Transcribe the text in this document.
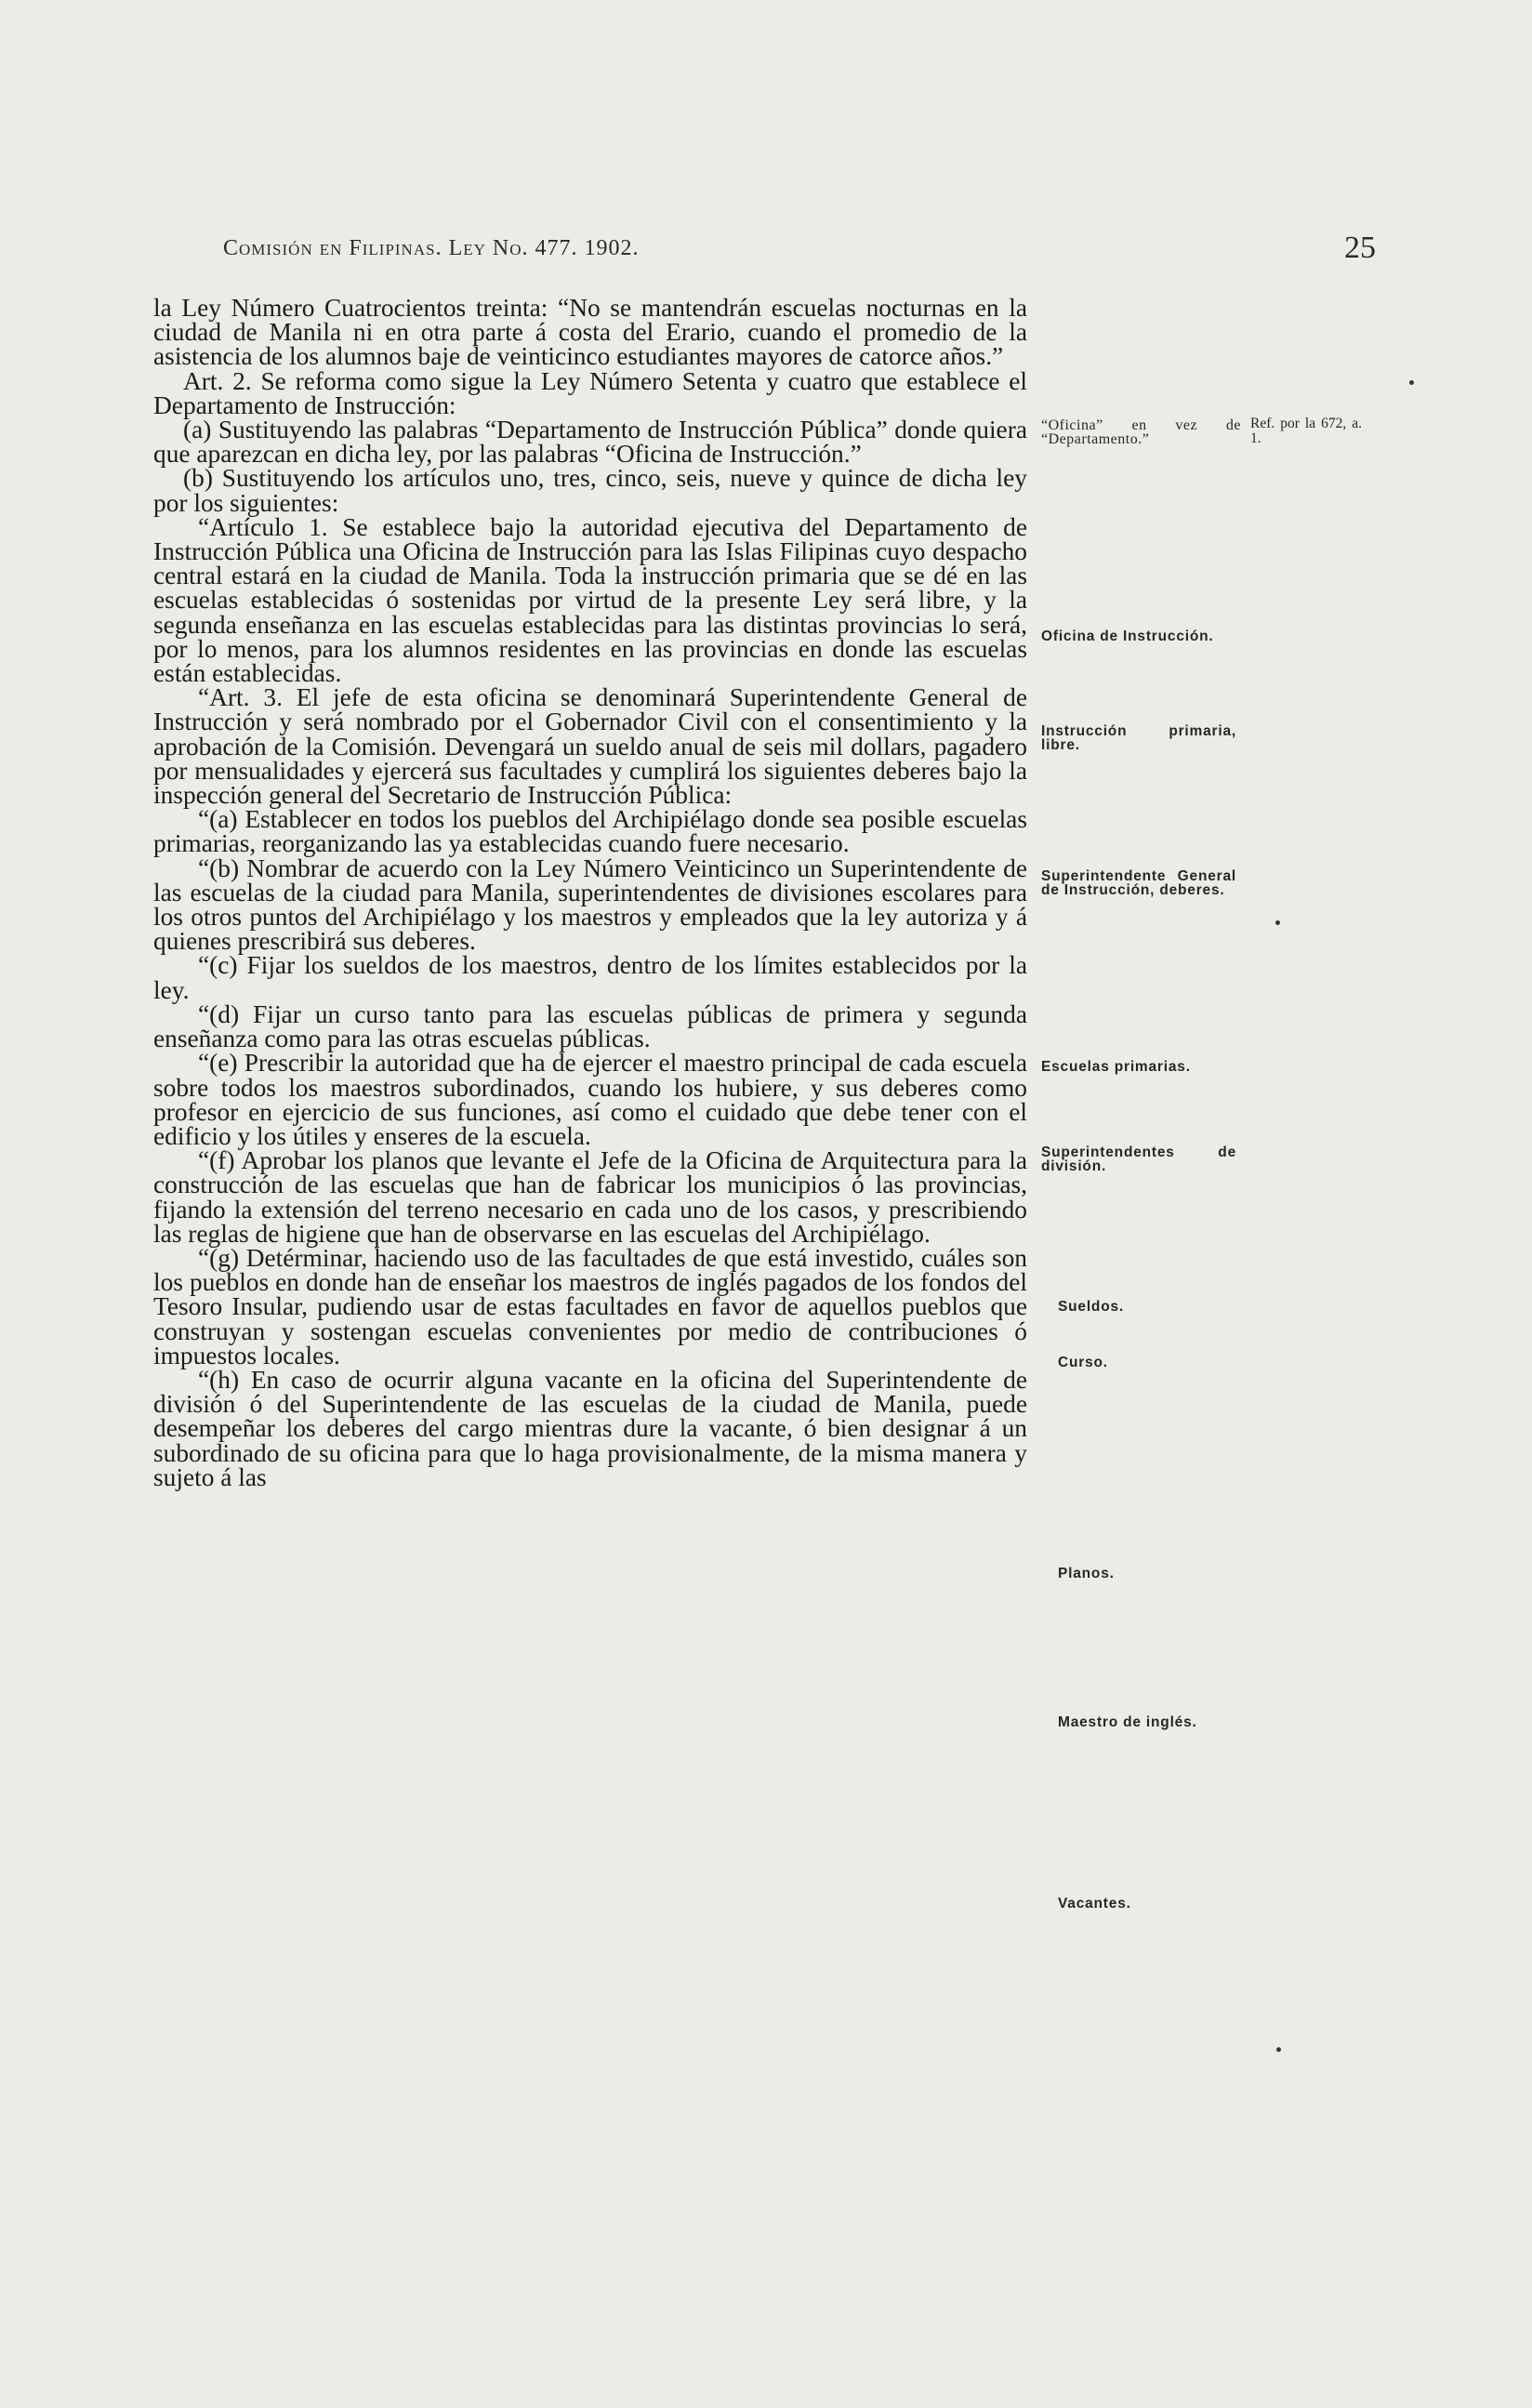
Comisión en Filipinas. Ley No. 477. 1902.	25

la Ley Número Cuatrocientos treinta: “No se mantendrán escuelas nocturnas en la ciudad de Manila ni en otra parte á costa del Erario, cuando el promedio de la asistencia de los alumnos baje de veinticinco estudiantes mayores de catorce años.”

Art. 2. Se reforma como sigue la Ley Número Setenta y cuatro que establece el Departamento de Instrucción:

(a) Sustituyendo las palabras “Departamento de Instrucción Pública” donde quiera que aparezcan en dicha ley, por las palabras “Oficina de Instrucción.”

(b) Sustituyendo los artículos uno, tres, cinco, seis, nueve y quince de dicha ley por los siguientes:

“Artículo 1. Se establece bajo la autoridad ejecutiva del Departamento de Instrucción Pública una Oficina de Instrucción para las Islas Filipinas cuyo despacho central estará en la ciudad de Manila. Toda la instrucción primaria que se dé en las escuelas establecidas ó sostenidas por virtud de la presente Ley será libre, y la segunda enseñanza en las escuelas establecidas para las distintas provincias lo será, por lo menos, para los alumnos residentes en las provincias en donde las escuelas están establecidas.

“Art. 3. El jefe de esta oficina se denominará Superintendente General de Instrucción y será nombrado por el Gobernador Civil con el consentimiento y la aprobación de la Comisión. Devengará un sueldo anual de seis mil dollars, pagadero por mensualidades y ejercerá sus facultades y cumplirá los siguientes deberes bajo la inspección general del Secretario de Instrucción Pública:

“(a) Establecer en todos los pueblos del Archipiélago donde sea posible escuelas primarias, reorganizando las ya establecidas cuando fuere necesario.

“(b) Nombrar de acuerdo con la Ley Número Veinticinco un Superintendente de las escuelas de la ciudad para Manila, superintendentes de divisiones escolares para los otros puntos del Archipiélago y los maestros y empleados que la ley autoriza y á quienes prescribirá sus deberes.

“(c) Fijar los sueldos de los maestros, dentro de los límites establecidos por la ley.

“(d) Fijar un curso tanto para las escuelas públicas de primera y segunda enseñanza como para las otras escuelas públicas.

“(e) Prescribir la autoridad que ha de ejercer el maestro principal de cada escuela sobre todos los maestros subordinados, cuando los hubiere, y sus deberes como profesor en ejercicio de sus funciones, así como el cuidado que debe tener con el edificio y los útiles y enseres de la escuela.

“(f) Aprobar los planos que levante el Jefe de la Oficina de Arquitectura para la construcción de las escuelas que han de fabricar los municipios ó las provincias, fijando la extensión del terreno necesario en cada uno de los casos, y prescribiendo las reglas de higiene que han de observarse en las escuelas del Archipiélago.

“(g) Detérminar, haciendo uso de las facultades de que está investido, cuáles son los pueblos en donde han de enseñar los maestros de inglés pagados de los fondos del Tesoro Insular, pudiendo usar de estas facultades en favor de aquellos pueblos que construyan y sostengan escuelas convenientes por medio de contribuciones ó impuestos locales.

“(h) En caso de ocurrir alguna vacante en la oficina del Superintendente de división ó del Superintendente de las escuelas de la ciudad de Manila, puede desempeñar los deberes del cargo mientras dure la vacante, ó bien designar á un subordinado de su oficina para que lo haga provisionalmente, de la misma manera y sujeto á las

“Oficina” en vez de “Departamento.”
Ref. por la 672, a. 1.
Oficina de Instrucción.
Instrucción primaria, libre.
Superintendente General de Instrucción, deberes.
Escuelas primarias.
Superintendentes de división.
Sueldos.
Curso.
Planos.
Maestro de inglés.
Vacantes.
